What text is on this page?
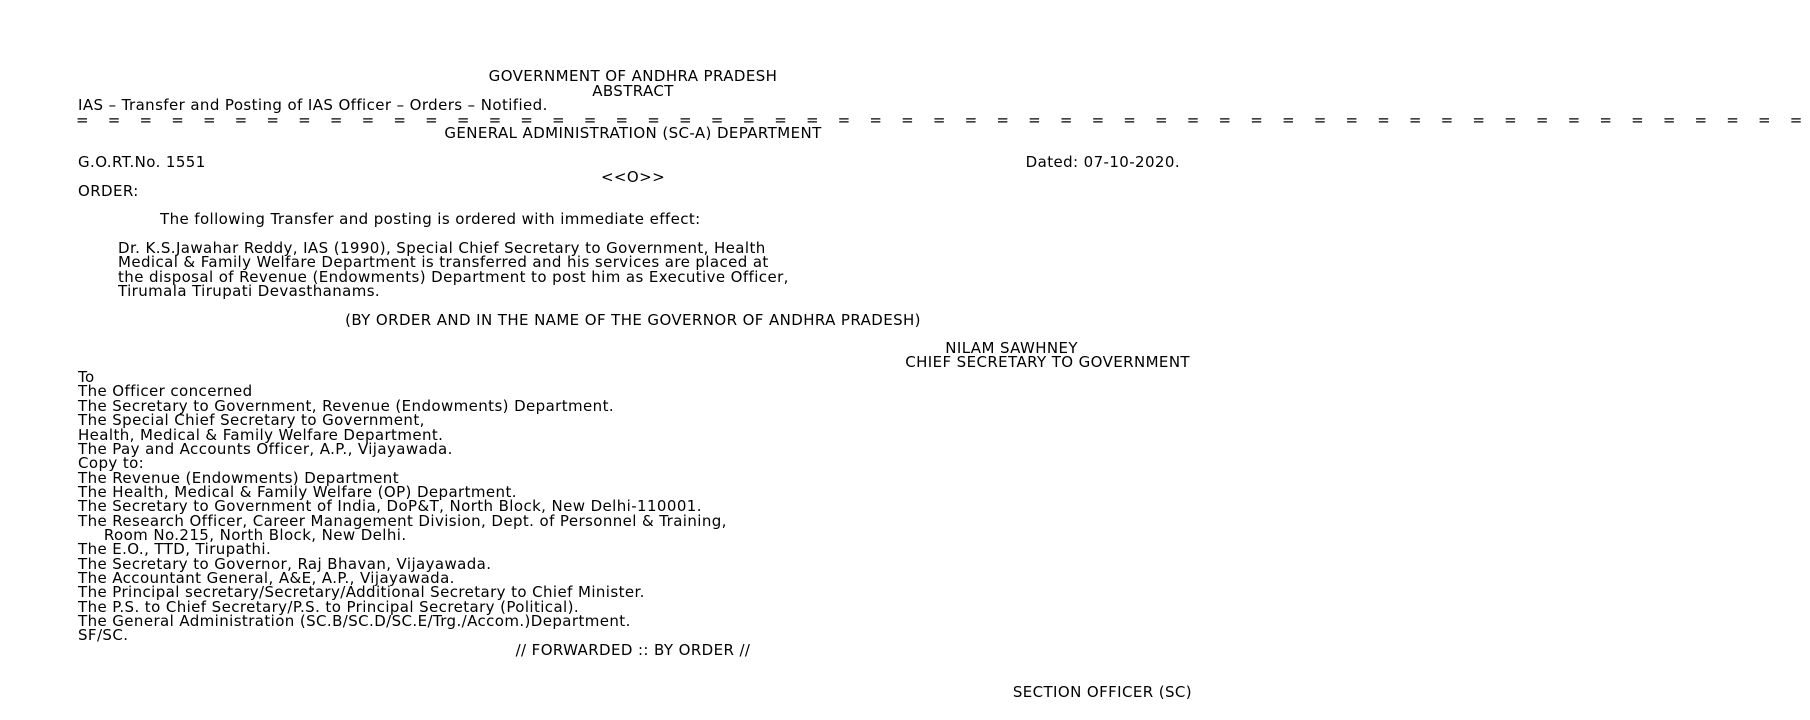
GOVERNMENT OF ANDHRA PRADESH
ABSTRACT
IAS – Transfer and Posting of IAS Officer – Orders – Notified.
= = = = = = = = = = = = = = = = = = = = = = = = = = = = = = = = = = = = = = = = = = = = = = = = = = = = = = =
GENERAL ADMINISTRATION (SC-A) DEPARTMENT
G.O.RT.No. 1551	Dated: 07-10-2020.
<<O>>
ORDER:
The following Transfer and posting is ordered with immediate effect:
Dr. K.S.Jawahar Reddy, IAS (1990), Special Chief Secretary to Government, Health
Medical & Family Welfare Department is transferred and his services are placed at
the disposal of Revenue (Endowments) Department to post him as Executive Officer,
Tirumala Tirupati Devasthanams.
(BY ORDER AND IN THE NAME OF THE GOVERNOR OF ANDHRA PRADESH)
NILAM SAWHNEY
CHIEF SECRETARY TO GOVERNMENT
To
The Officer concerned
The Secretary to Government, Revenue (Endowments) Department.
The Special Chief Secretary to Government,
Health, Medical & Family Welfare Department.
The Pay and Accounts Officer, A.P., Vijayawada.
Copy to:
The Revenue (Endowments) Department
The Health, Medical & Family Welfare (OP) Department.
The Secretary to Government of India, DoP&T, North Block, New Delhi-110001.
The Research Officer, Career Management Division, Dept. of Personnel & Training,
Room No.215, North Block, New Delhi.
The E.O., TTD, Tirupathi.
The Secretary to Governor, Raj Bhavan, Vijayawada.
The Accountant General, A&E, A.P., Vijayawada.
The Principal secretary/Secretary/Additional Secretary to Chief Minister.
The P.S. to Chief Secretary/P.S. to Principal Secretary (Political).
The General Administration (SC.B/SC.D/SC.E/Trg./Accom.)Department.
SF/SC.
// FORWARDED :: BY ORDER //
SECTION OFFICER (SC)
